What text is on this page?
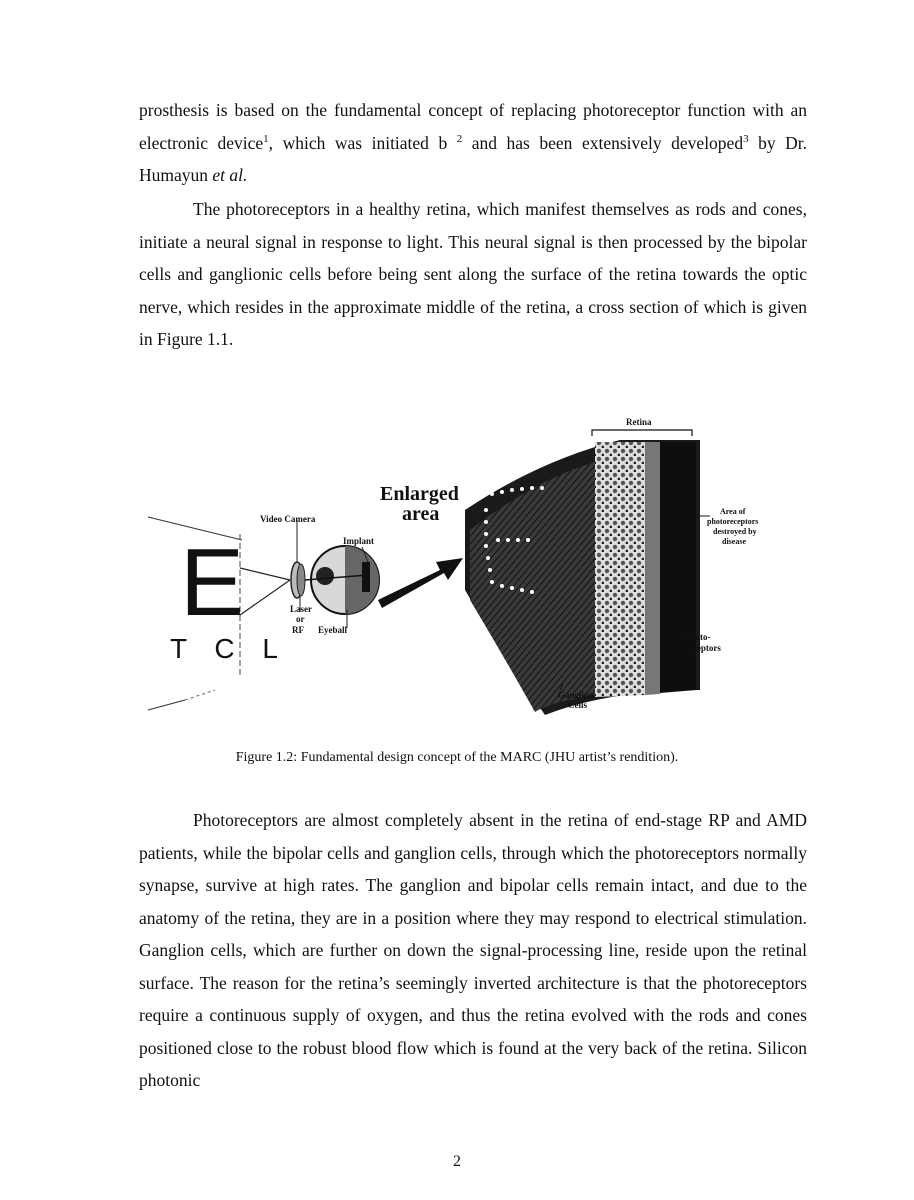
prosthesis is based on the fundamental concept of replacing photoreceptor function with an electronic device$^1$, which was initiated b $^2$ and has been extensively developed$^3$ by Dr. Humayun et al.

The photoreceptors in a healthy retina, which manifest themselves as rods and cones, initiate a neural signal in response to light. This neural signal is then processed by the bipolar cells and ganglionic cells before being sent along the surface of the retina towards the optic nerve, which resides in the approximate middle of the retina, a cross section of which is given in Figure 1.1.

E
T C L
Retina
Enlarged
area
Video Camera
Implant
Laser
or
RF Eyeball
Area of
photoreceptors
destroyed by
disease
Photo-
receptors
Ganglion
Cells
Figure 1.2: Fundamental design concept of the MARC (JHU artist’s rendition).

Photoreceptors are almost completely absent in the retina of end-stage RP and AMD patients, while the bipolar cells and ganglion cells, through which the photoreceptors normally synapse, survive at high rates. The ganglion and bipolar cells remain intact, and due to the anatomy of the retina, they are in a position where they may respond to electrical stimulation. Ganglion cells, which are further on down the signal-processing line, reside upon the retinal surface. The reason for the retina’s seemingly inverted architecture is that the photoreceptors require a continuous supply of oxygen, and thus the retina evolved with the rods and cones positioned close to the robust blood flow which is found at the very back of the retina. Silicon photonic

2
